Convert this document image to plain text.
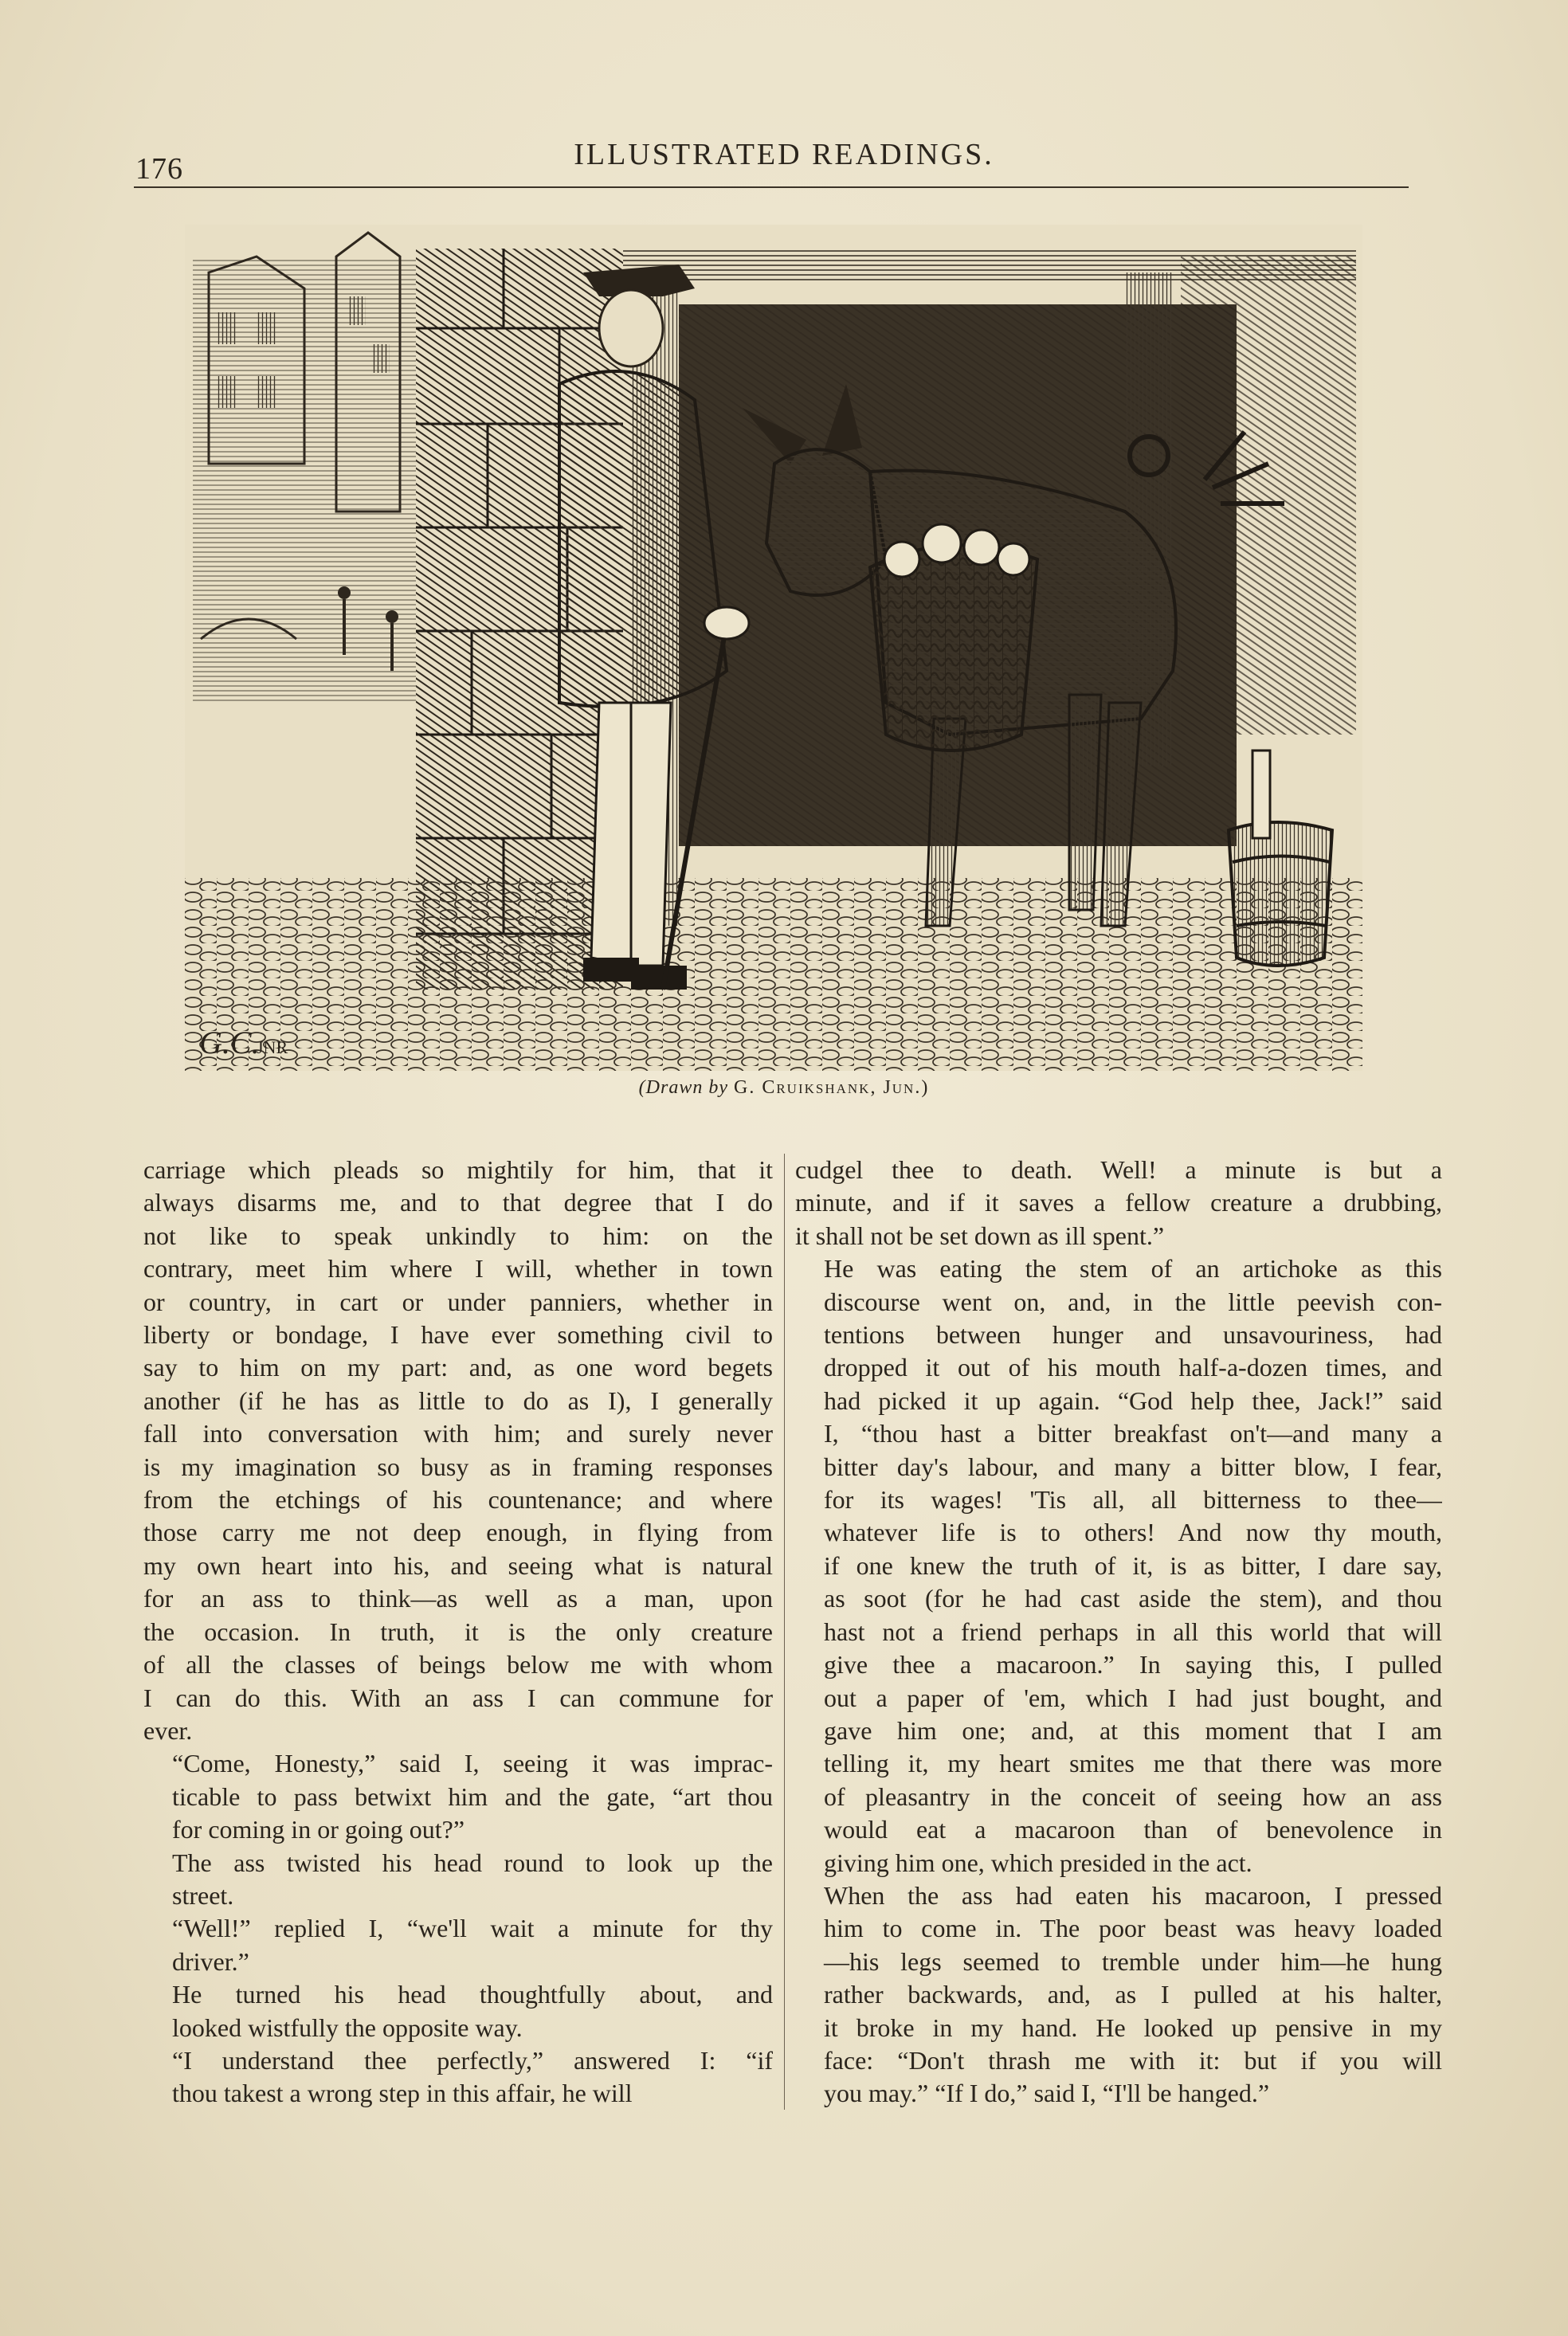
176	ILLUSTRATED READINGS.
G.C.
JNR
(Drawn by G. Cruikshank, Jun.)

carriage which pleads so mightily for him, that it
always disarms me, and to that degree that I do
not like to speak unkindly to him: on the
contrary, meet him where I will, whether in town
or country, in cart or under panniers, whether in
liberty or bondage, I have ever something civil to
say to him on my part: and, as one word begets
another (if he has as little to do as I), I generally
fall into conversation with him; and surely never
is my imagination so busy as in framing responses
from the etchings of his countenance; and where
those carry me not deep enough, in flying from
my own heart into his, and seeing what is natural
for an ass to think—as well as a man, upon
the occasion. In truth, it is the only creature
of all the classes of beings below me with whom
I can do this. With an ass I can commune for
ever.

“Come, Honesty,” said I, seeing it was imprac-
ticable to pass betwixt him and the gate, “art thou
for coming in or going out?”

The ass twisted his head round to look up the
street.

“Well!” replied I, “we'll wait a minute for thy
driver.”

He turned his head thoughtfully about, and
looked wistfully the opposite way.

“I understand thee perfectly,” answered I: “if
thou takest a wrong step in this affair, he will

cudgel thee to death. Well! a minute is but a
minute, and if it saves a fellow creature a drubbing,
it shall not be set down as ill spent.”

He was eating the stem of an artichoke as this
discourse went on, and, in the little peevish con-
tentions between hunger and unsavouriness, had
dropped it out of his mouth half-a-dozen times, and
had picked it up again. “God help thee, Jack!” said
I, “thou hast a bitter breakfast on't—and many a
bitter day's labour, and many a bitter blow, I fear,
for its wages! 'Tis all, all bitterness to thee—
whatever life is to others! And now thy mouth,
if one knew the truth of it, is as bitter, I dare say,
as soot (for he had cast aside the stem), and thou
hast not a friend perhaps in all this world that will
give thee a macaroon.” In saying this, I pulled
out a paper of 'em, which I had just bought, and
gave him one; and, at this moment that I am
telling it, my heart smites me that there was more
of pleasantry in the conceit of seeing how an ass
would eat a macaroon than of benevolence in
giving him one, which presided in the act.

When the ass had eaten his macaroon, I pressed
him to come in. The poor beast was heavy loaded
—his legs seemed to tremble under him—he hung
rather backwards, and, as I pulled at his halter,
it broke in my hand. He looked up pensive in my
face: “Don't thrash me with it: but if you will
you may.” “If I do,” said I, “I'll be hanged.”
